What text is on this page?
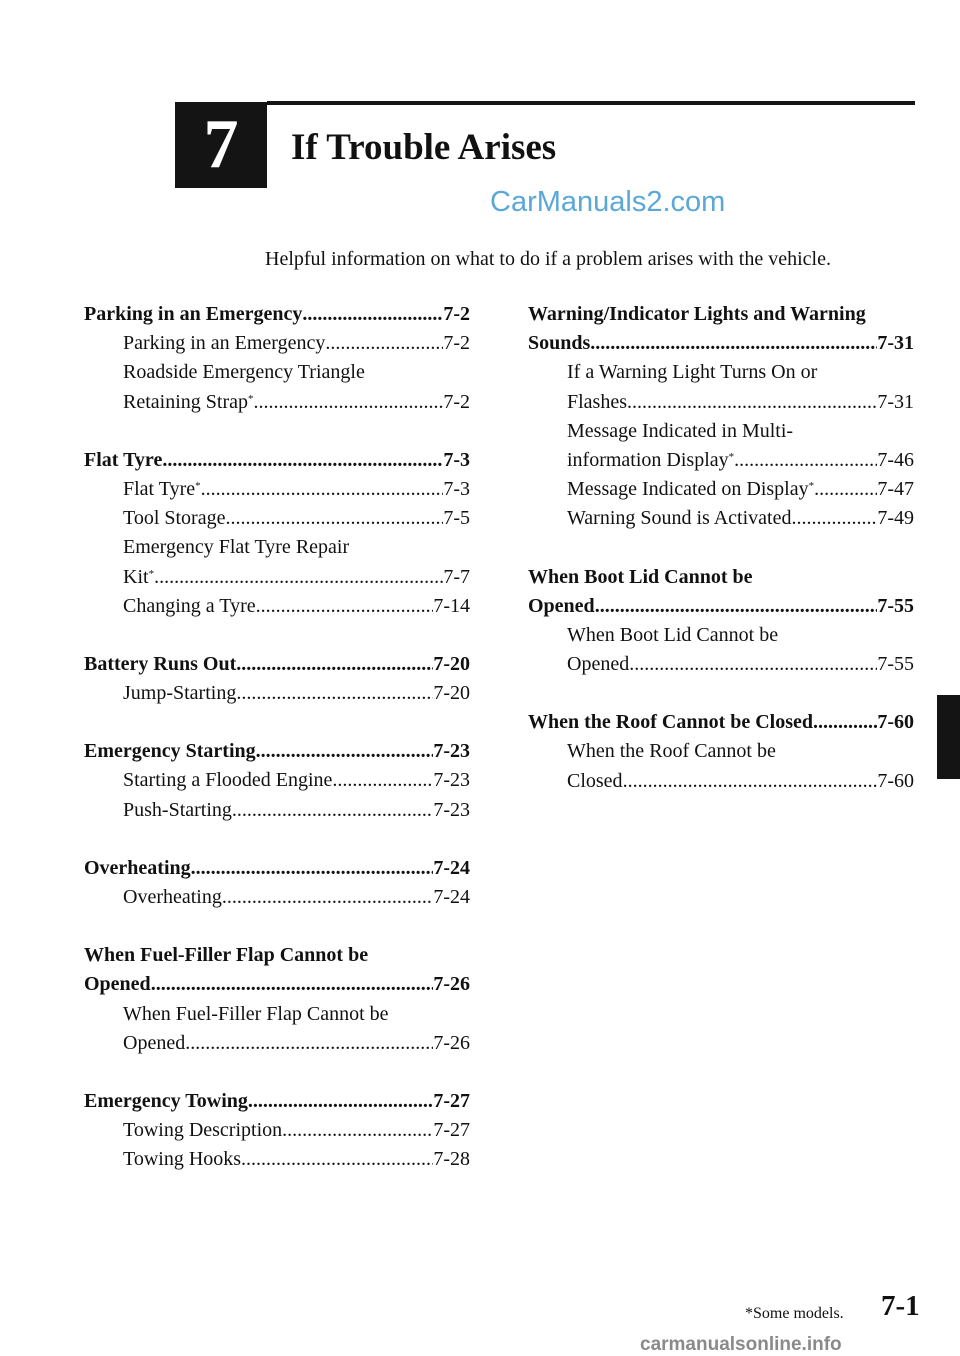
7 If Trouble Arises
CarManuals2.com
Helpful information on what to do if a problem arises with the vehicle.
Parking in an Emergency .....	7-2
Parking in an Emergency .....	7-2
Roadside Emergency Triangle
Retaining Strap* .....	7-2
Flat Tyre .....	7-3
Flat Tyre* .....	7-3
Tool Storage .....	7-5
Emergency Flat Tyre Repair
Kit* .....	7-7
Changing a Tyre .....	7-14
Battery Runs Out .....	7-20
Jump-Starting .....	7-20
Emergency Starting .....	7-23
Starting a Flooded Engine .....	7-23
Push-Starting .....	7-23
Overheating .....	7-24
Overheating .....	7-24
When Fuel-Filler Flap Cannot be
Opened .....	7-26
When Fuel-Filler Flap Cannot be
Opened .....	7-26
Emergency Towing .....	7-27
Towing Description .....	7-27
Towing Hooks .....	7-28
Warning/Indicator Lights and Warning
Sounds .....	7-31
If a Warning Light Turns On or
Flashes .....	7-31
Message Indicated in Multi-
information Display* .....	7-46
Message Indicated on Display* .....	7-47
Warning Sound is Activated .....	7-49
When Boot Lid Cannot be
Opened .....	7-55
When Boot Lid Cannot be
Opened .....	7-55
When the Roof Cannot be Closed .....	7-60
When the Roof Cannot be
Closed .....	7-60
*Some models. 7-1
carmanualsonline.info
